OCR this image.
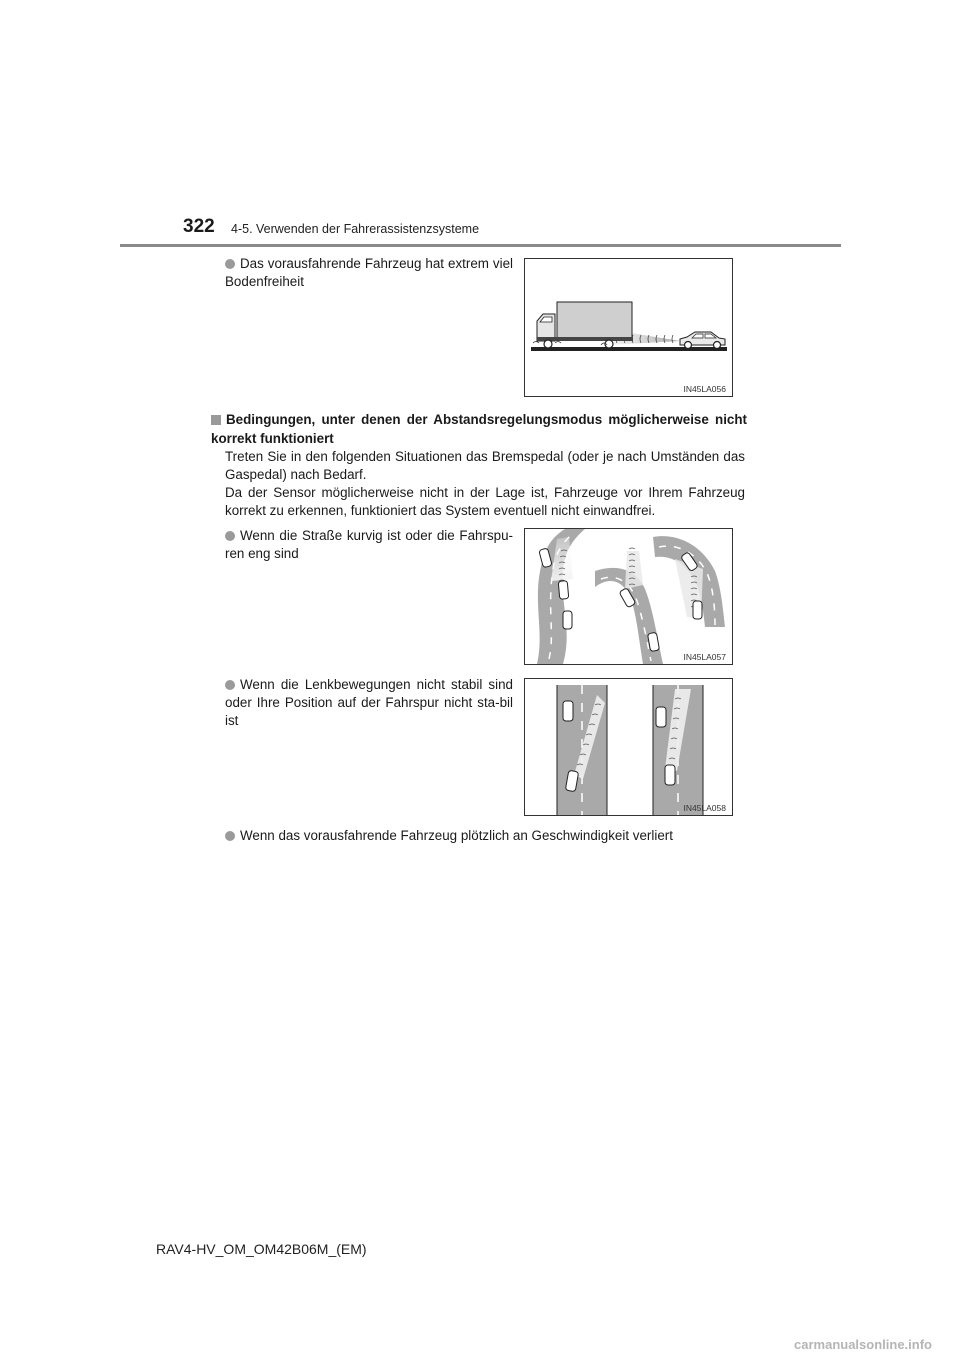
322 4-5. Verwenden der Fahrerassistenzsysteme
Das vorausfahrende Fahrzeug hat extrem viel Bodenfreiheit
IN45LA056
Bedingungen, unter denen der Abstandsregelungsmodus möglicherweise nicht korrekt funktioniert
Treten Sie in den folgenden Situationen das Bremspedal (oder je nach Umständen das Gaspedal) nach Bedarf.
Da der Sensor möglicherweise nicht in der Lage ist, Fahrzeuge vor Ihrem Fahrzeug korrekt zu erkennen, funktioniert das System eventuell nicht einwandfrei.
Wenn die Straße kurvig ist oder die Fahrspu-ren eng sind
IN45LA057
Wenn die Lenkbewegungen nicht stabil sind oder Ihre Position auf der Fahrspur nicht sta-bil ist
IN45LA058
Wenn das vorausfahrende Fahrzeug plötzlich an Geschwindigkeit verliert
RAV4-HV_OM_OM42B06M_(EM)
carmanualsonline.info
